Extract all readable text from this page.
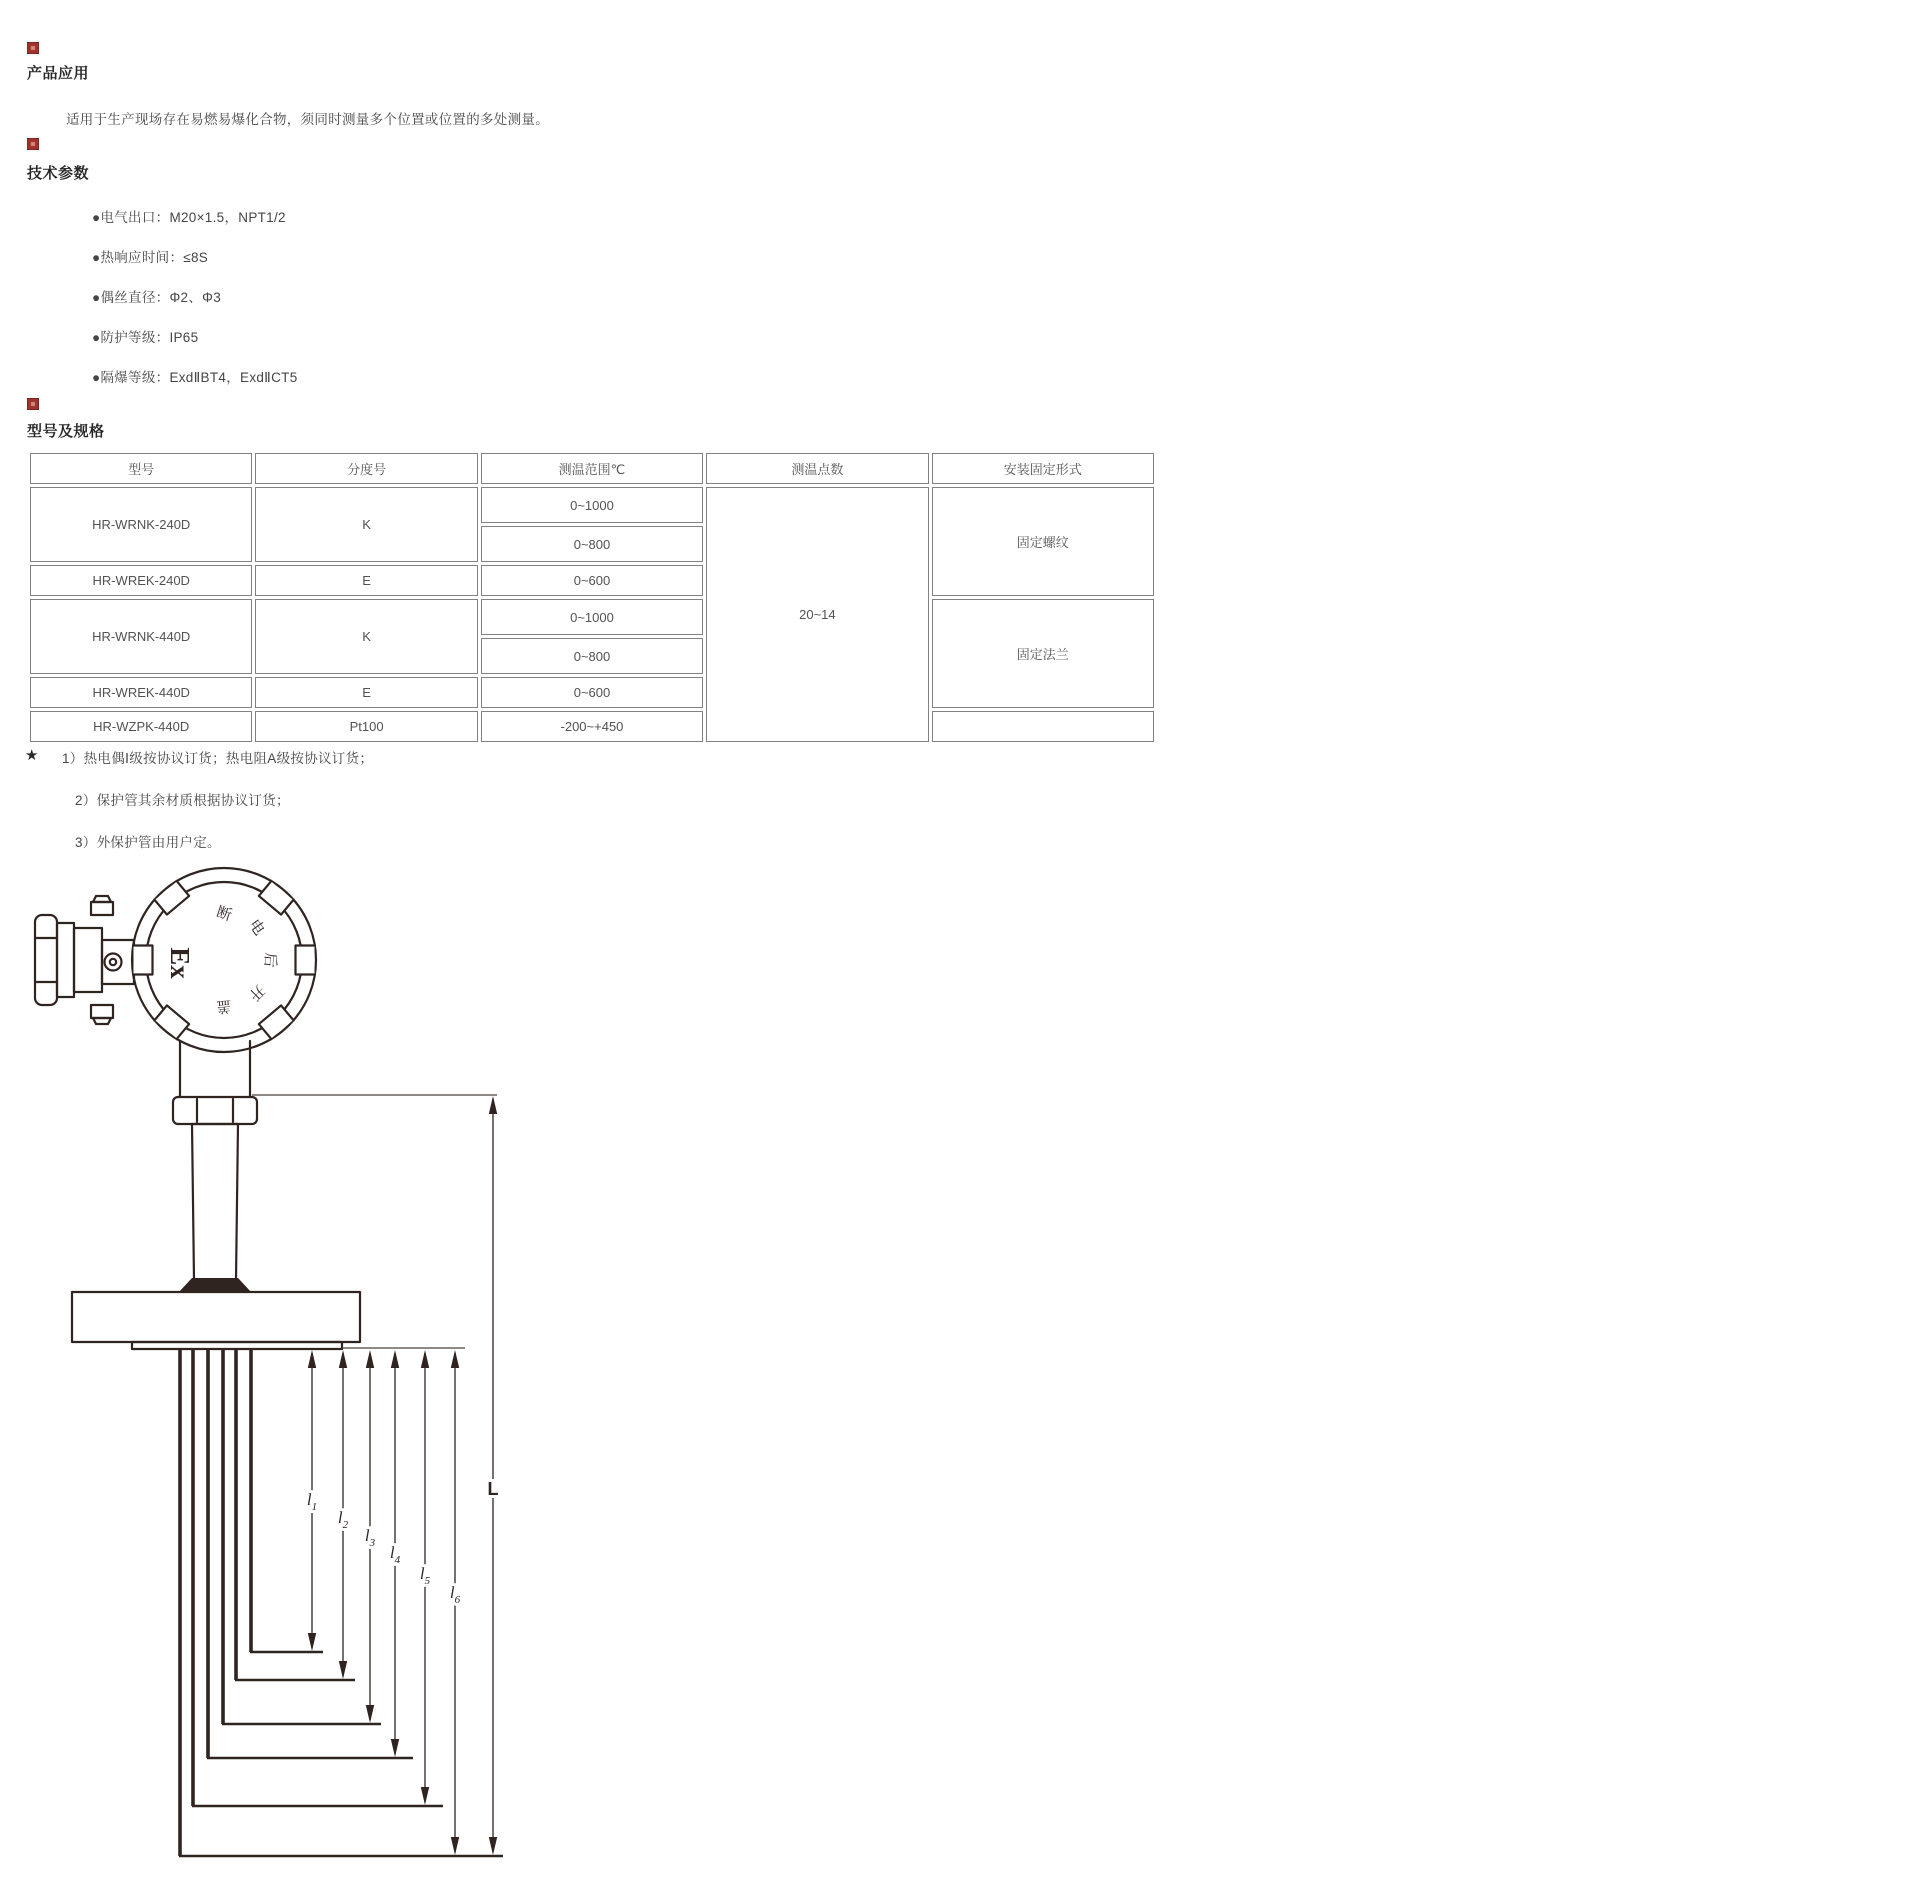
产品应用
适用于生产现场存在易燃易爆化合物，须同时测量多个位置或位置的多处测量。
技术参数
●电气出口：M20×1.5，NPT1/2
●热响应时间：≤8S
●偶丝直径：Φ2、Φ3
●防护等级：IP65
●隔爆等级：ExdⅡBT4，ExdⅡCT5
型号及规格
型号	分度号	测温范围℃	测温点数	安装固定形式
HR-WRNK-240D	K	0~1000	20~14	固定螺纹
		0~800		
HR-WREK-240D	E	0~600		
HR-WRNK-440D	K	0~1000		固定法兰
		0~800		
HR-WREK-440D	E	0~600		
HR-WZPK-440D	Pt100	-200~+450		
★ 1）热电偶Ⅰ级按协议订货；热电阻A级按协议订货；
2）保护管其余材质根据协议订货；
3）外保护管由用户定。
Ex
断
电
后
开
盖
$l_1$
$l_2$
$l_3$ $l_4$
$l_5$
$l_6$
L
